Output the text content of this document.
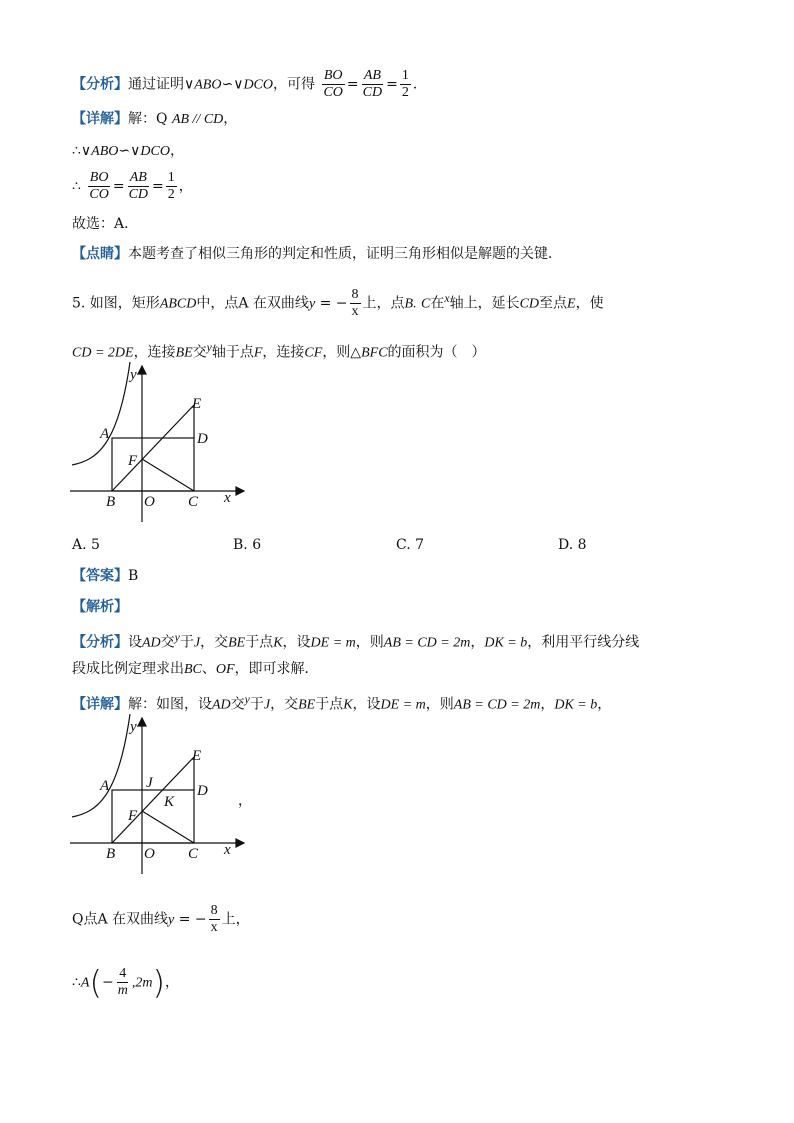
【分析】通过证明∨ABO∽∨DCO，可得 $\frac{BO}{CO} = \frac{AB}{CD} = \frac{1}{2}$ ．
【详解】解：Q AB // CD，
∴∨ABO∽∨DCO，
∴ $\frac{BO}{CO} = \frac{AB}{CD} = \frac{1}{2}$ ，
故选：A．
【点睛】本题考查了相似三角形的判定和性质，证明三角形相似是解题的关键．
5. 如图，矩形ABCD中，点A 在双曲线y = − $\frac{8}{x}$ 上，点B. C在$^x$轴上，延长CD至点E，使
CD = 2DE，连接BE交$^y$轴于点F，连接CF，则△BFC的面积为（　）
y
E
A	D
F
B O C x
A. 5	B. 6	C. 7	D. 8
【答案】B
【解析】
【分析】设AD交$^y$于J，交BE于点K，设DE = m，则AB = CD = 2m，DK = b，利用平行线分线
段成比例定理求出BC、OF，即可求解．
【详解】解：如图，设AD交$^y$于J，交BE于点K，设DE = m，则AB = CD = 2m，DK = b，
y
E
A J	D
K
F
B O C x
，
Q点A 在双曲线y = − $\frac{8}{x}$ 上，
∴A(− $\frac{4}{m} ,2m$)，
